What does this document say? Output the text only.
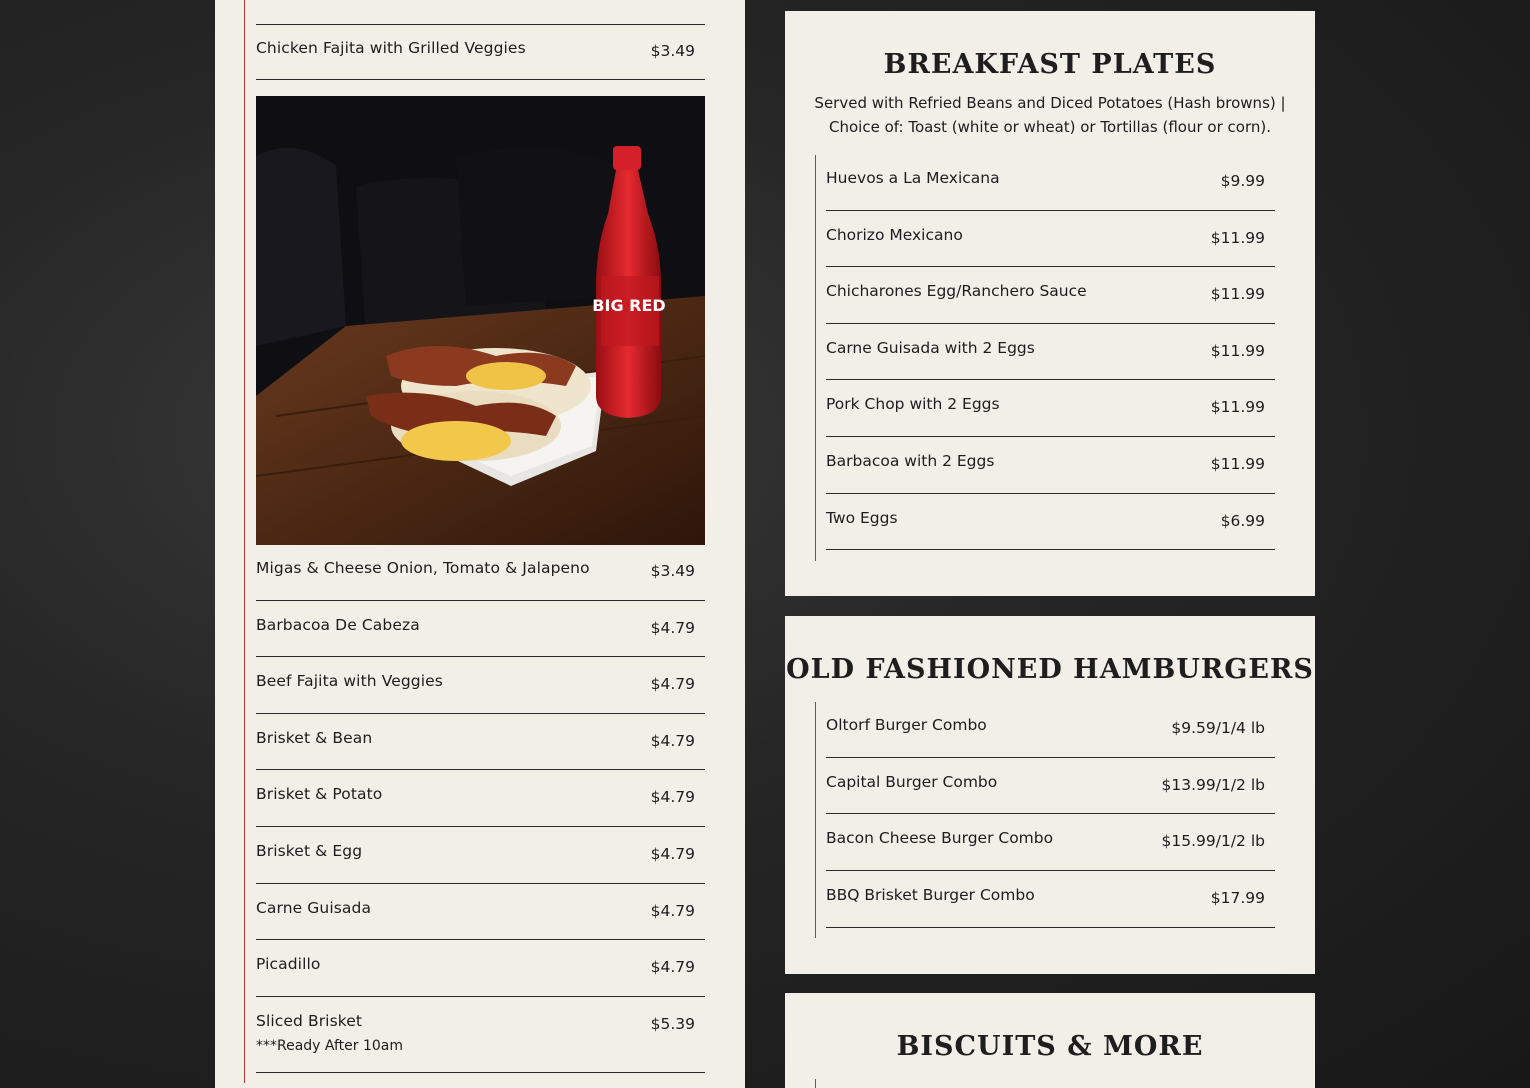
Chicken Fajita with Grilled Veggies	$3.49
BIG RED
Migas & Cheese Onion, Tomato & Jalapeno	$3.49
Barbacoa De Cabeza	$4.79
Beef Fajita with Veggies	$4.79
Brisket & Bean	$4.79
Brisket & Potato	$4.79
Brisket & Egg	$4.79
Carne Guisada	$4.79
Picadillo	$4.79
Sliced Brisket	$5.39
***Ready After 10am
BREAKFAST PLATES
Served with Refried Beans and Diced Potatoes (Hash browns) |
Choice of: Toast (white or wheat) or Tortillas (flour or corn).
Huevos a La Mexicana	$9.99
Chorizo Mexicano	$11.99
Chicharones Egg/Ranchero Sauce	$11.99
Carne Guisada with 2 Eggs	$11.99
Pork Chop with 2 Eggs	$11.99
Barbacoa with 2 Eggs	$11.99
Two Eggs	$6.99
OLD FASHIONED HAMBURGERS
Oltorf Burger Combo	$9.59/1/4 lb
Capital Burger Combo	$13.99/1/2 lb
Bacon Cheese Burger Combo	$15.99/1/2 lb
BBQ Brisket Burger Combo	$17.99
BISCUITS & MORE
